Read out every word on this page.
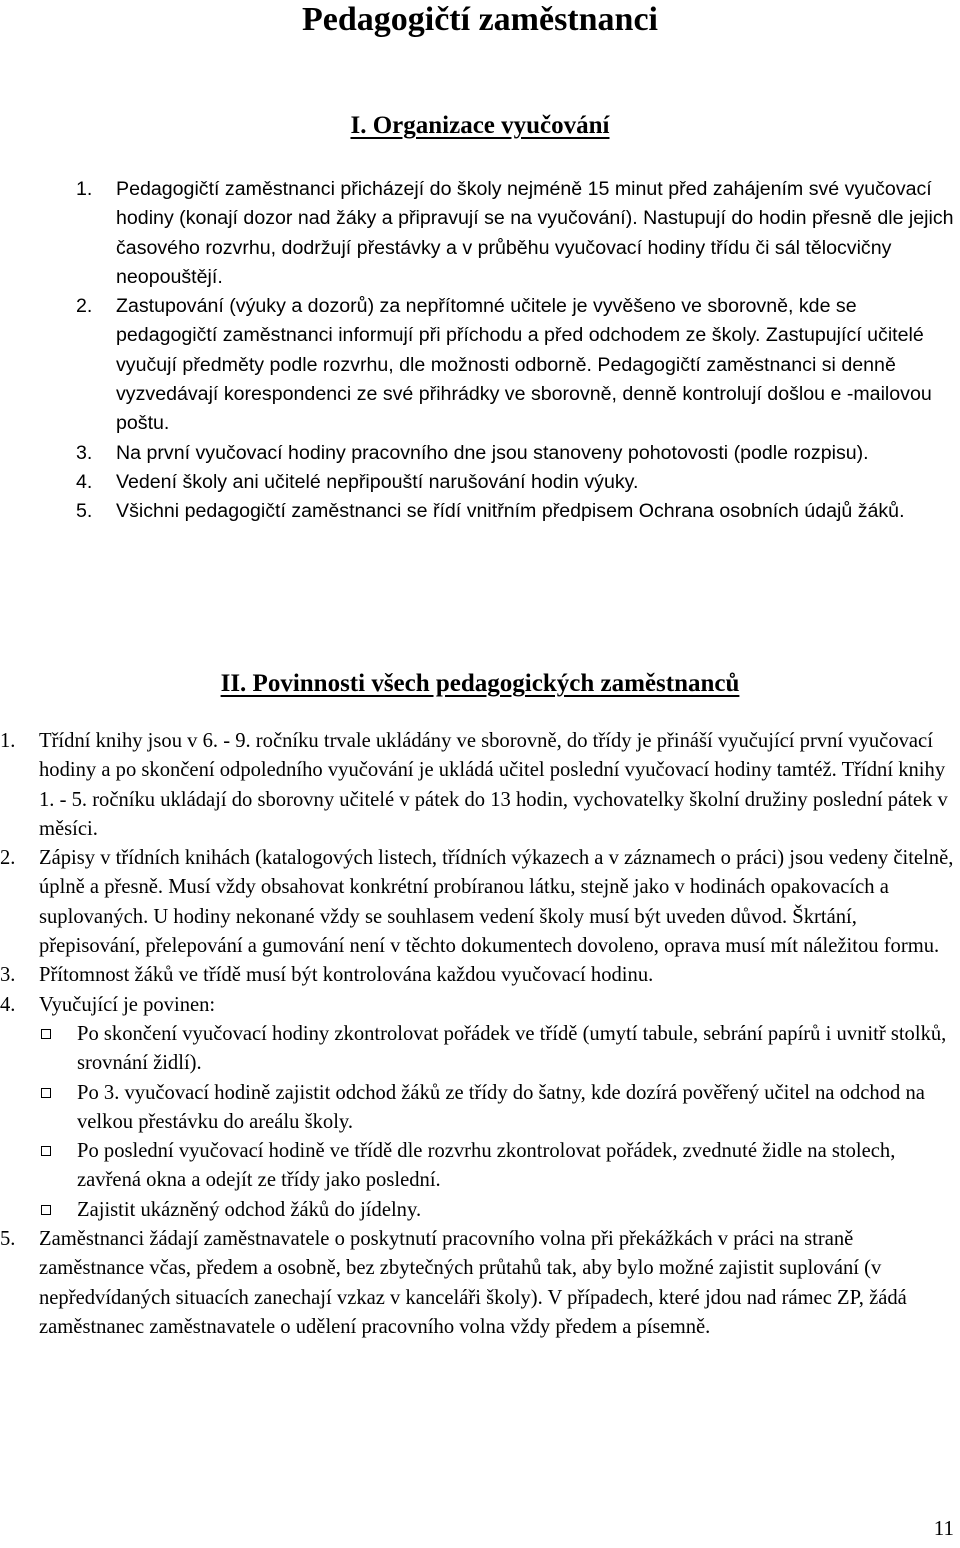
Pedagogičtí zaměstnanci
I. Organizace vyučování
1. Pedagogičtí zaměstnanci přicházejí do školy nejméně 15 minut před zahájením své vyučovací hodiny (konají dozor nad žáky a připravují se na vyučování). Nastupují do hodin přesně dle jejich časového rozvrhu, dodržují přestávky a v průběhu vyučovací hodiny třídu či sál tělocvičny neopouštějí.
2. Zastupování (výuky a dozorů) za nepřítomné učitele je vyvěšeno ve sborovně, kde se pedagogičtí zaměstnanci informují při příchodu a před odchodem ze školy. Zastupující učitelé vyučují předměty podle rozvrhu, dle možnosti odborně. Pedagogičtí zaměstnanci si denně vyzvedávají korespondenci ze své přihrádky ve sborovně, denně kontrolují došlou e -mailovou poštu.
3. Na první vyučovací hodiny pracovního dne jsou stanoveny pohotovosti (podle rozpisu).
4. Vedení školy ani učitelé nepřipouští narušování hodin výuky.
5. Všichni pedagogičtí zaměstnanci se řídí vnitřním předpisem Ochrana osobních údajů žáků.
II. Povinnosti všech pedagogických zaměstnanců
1. Třídní knihy jsou v 6. - 9. ročníku trvale ukládány ve sborovně, do třídy je přináší vyučující první vyučovací hodiny a po skončení odpoledního vyučování je ukládá učitel poslední vyučovací hodiny tamtéž. Třídní knihy 1. - 5. ročníku ukládají do sborovny učitelé v pátek do 13 hodin, vychovatelky školní družiny poslední pátek v měsíci.
2. Zápisy v třídních knihách (katalogových listech, třídních výkazech a v záznamech o práci) jsou vedeny čitelně, úplně a přesně. Musí vždy obsahovat konkrétní probíranou látku, stejně jako v hodinách opakovacích a suplovaných. U hodiny nekonané vždy se souhlasem vedení školy musí být uveden důvod. Škrtání, přepisování, přelepování a gumování není v těchto dokumentech dovoleno, oprava musí mít náležitou formu.
3. Přítomnost žáků ve třídě musí být kontrolována každou vyučovací hodinu.
4. Vyučující je povinen:
Po skončení vyučovací hodiny zkontrolovat pořádek ve třídě (umytí tabule, sebrání papírů i uvnitř stolků, srovnání židlí).
Po 3. vyučovací hodině zajistit odchod žáků ze třídy do šatny, kde dozírá pověřený učitel na odchod na velkou přestávku do areálu školy.
Po poslední vyučovací hodině ve třídě dle rozvrhu zkontrolovat pořádek, zvednuté židle na stolech, zavřená okna a odejít ze třídy jako poslední.
Zajistit ukázněný odchod žáků do jídelny.
5. Zaměstnanci žádají zaměstnavatele o poskytnutí pracovního volna při překážkách v práci na straně zaměstnance včas, předem a osobně, bez zbytečných průtahů tak, aby bylo možné zajistit suplování (v nepředvídaných situacích zanechají vzkaz v kanceláři školy). V případech, které jdou nad rámec ZP, žádá zaměstnanec zaměstnavatele o udělení pracovního volna vždy předem a písemně.

11
